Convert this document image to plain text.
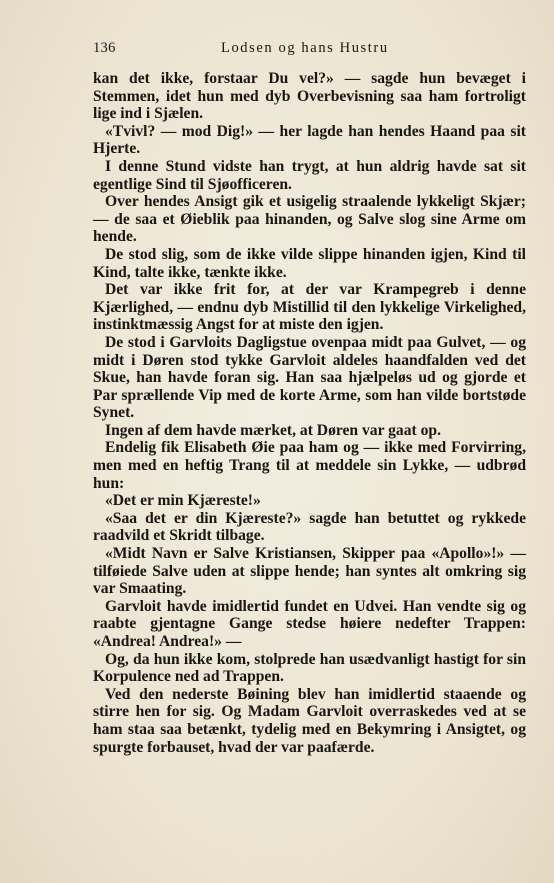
136	Lodsen og hans Hustru

kan det ikke, forstaar Du vel?» — sagde hun bevæget i Stemmen, idet hun med dyb Overbevisning saa ham fortroligt lige ind i Sjælen.

«Tvivl? — mod Dig!» — her lagde han hendes Haand paa sit Hjerte.

I denne Stund vidste han trygt, at hun aldrig havde sat sit egentlige Sind til Sjøofficeren.

Over hendes Ansigt gik et usigelig straalende lykkeligt Skjær; — de saa et Øieblik paa hinanden, og Salve slog sine Arme om hende.

De stod slig, som de ikke vilde slippe hinanden igjen, Kind til Kind, talte ikke, tænkte ikke.

Det var ikke frit for, at der var Krampegreb i denne Kjærlighed, — endnu dyb Mistillid til den lykkelige Virkelighed, instinktmæssig Angst for at miste den igjen.

De stod i Garvloits Dagligstue ovenpaa midt paa Gulvet, — og midt i Døren stod tykke Garvloit aldeles haandfalden ved det Skue, han havde foran sig. Han saa hjælpeløs ud og gjorde et Par sprællende Vip med de korte Arme, som han vilde bortstøde Synet.

Ingen af dem havde mærket, at Døren var gaat op.

Endelig fik Elisabeth Øie paa ham og — ikke med Forvirring, men med en heftig Trang til at meddele sin Lykke, — udbrød hun:

«Det er min Kjæreste!»

«Saa det er din Kjæreste?» sagde han betuttet og rykkede raadvild et Skridt tilbage.

«Midt Navn er Salve Kristiansen, Skipper paa «Apollo»!» — tilføiede Salve uden at slippe hende; han syntes alt omkring sig var Smaating.

Garvloit havde imidlertid fundet en Udvei. Han vendte sig og raabte gjentagne Gange stedse høiere nedefter Trappen: «Andrea! Andrea!» —

Og, da hun ikke kom, stolprede han usædvanligt hastigt for sin Korpulence ned ad Trappen.

Ved den nederste Bøining blev han imidlertid staaende og stirre hen for sig. Og Madam Garvloit overraskedes ved at se ham staa saa betænkt, tydelig med en Bekymring i Ansigtet, og spurgte forbauset, hvad der var paafærde.
